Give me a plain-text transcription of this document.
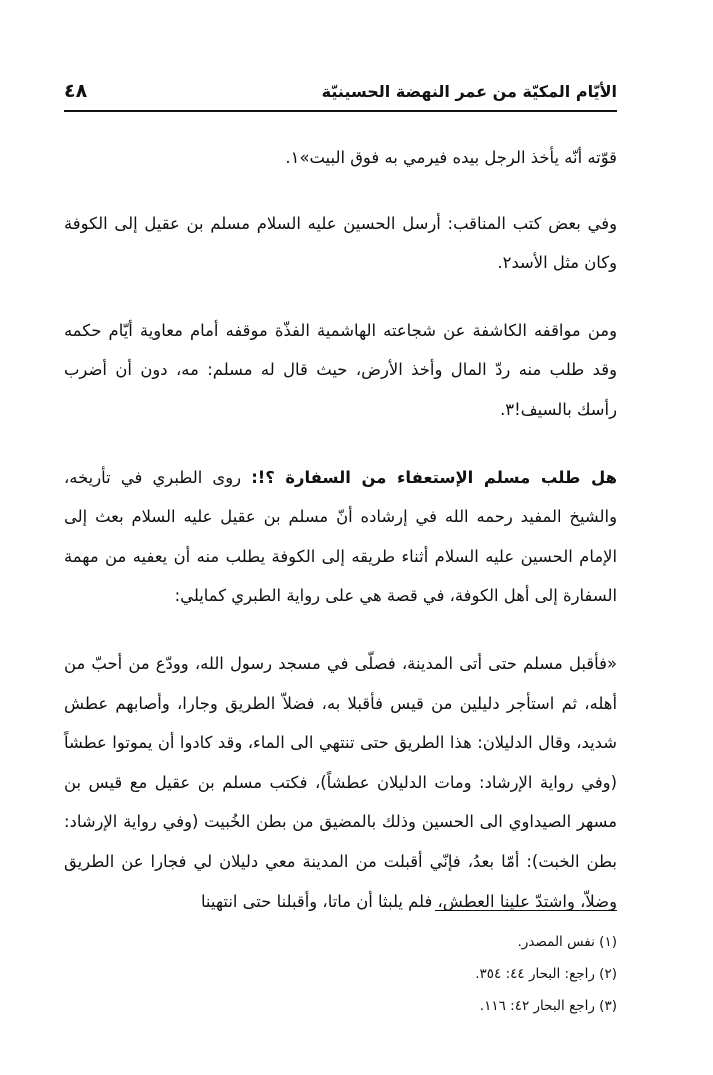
الأيّام المكيّة من عمر النهضة الحسينيّة
٤٨

قوّته أنّه يأخذ الرجل بيده فيرمي به فوق البيت»١.

وفي بعض كتب المناقب: أرسل الحسين عليه السلام مسلم بن عقيل إلى الكوفة وكان مثل الأسد٢.

ومن مواقفه الكاشفة عن شجاعته الهاشمية الفذّة موقفه أمام معاوية أيّام حكمه وقد طلب منه ردّ المال وأخذ الأرض، حيث قال له مسلم: مه، دون أن أضرب رأسك بالسيف!٣.

هل طلب مسلم الإستعفاء من السفارة ؟!: روى الطبري في تأريخه، والشيخ المفيد رحمه الله في إرشاده أنّ مسلم بن عقيل عليه السلام بعث إلى الإمام الحسين عليه السلام أثناء طريقه إلى الكوفة يطلب منه أن يعفيه من مهمة السفارة إلى أهل الكوفة، في قصة هي على رواية الطبري كمايلي:

«فأقبل مسلم حتى أتى المدينة، فصلّى في مسجد رسول الله، وودّع من أحبّ من أهله، ثم استأجر دليلين من قيس فأقبلا به، فضلاّ الطريق وجارا، وأصابهم عطش شديد، وقال الدليلان: هذا الطريق حتى تنتهي الى الماء، وقد كادوا أن يموتوا عطشاً (وفي رواية الإرشاد: ومات الدليلان عطشاً)، فكتب مسلم بن عقيل مع قيس بن مسهر الصيداوي الى الحسين وذلك بالمضيق من بطن الخُبيت (وفي رواية الإرشاد: بطن الخبت): أمّا بعدُ، فإنّي أقبلت من المدينة معي دليلان لي فجارا عن الطريق وضلاّ، واشتدّ علينا العطش، فلم يلبثا أن ماتا، وأقبلنا حتى انتهينا

(١) نفس المصدر.
(٢) راجع: البحار ٤٤: ٣٥٤.
(٣) راجع البحار ٤٢: ١١٦.
